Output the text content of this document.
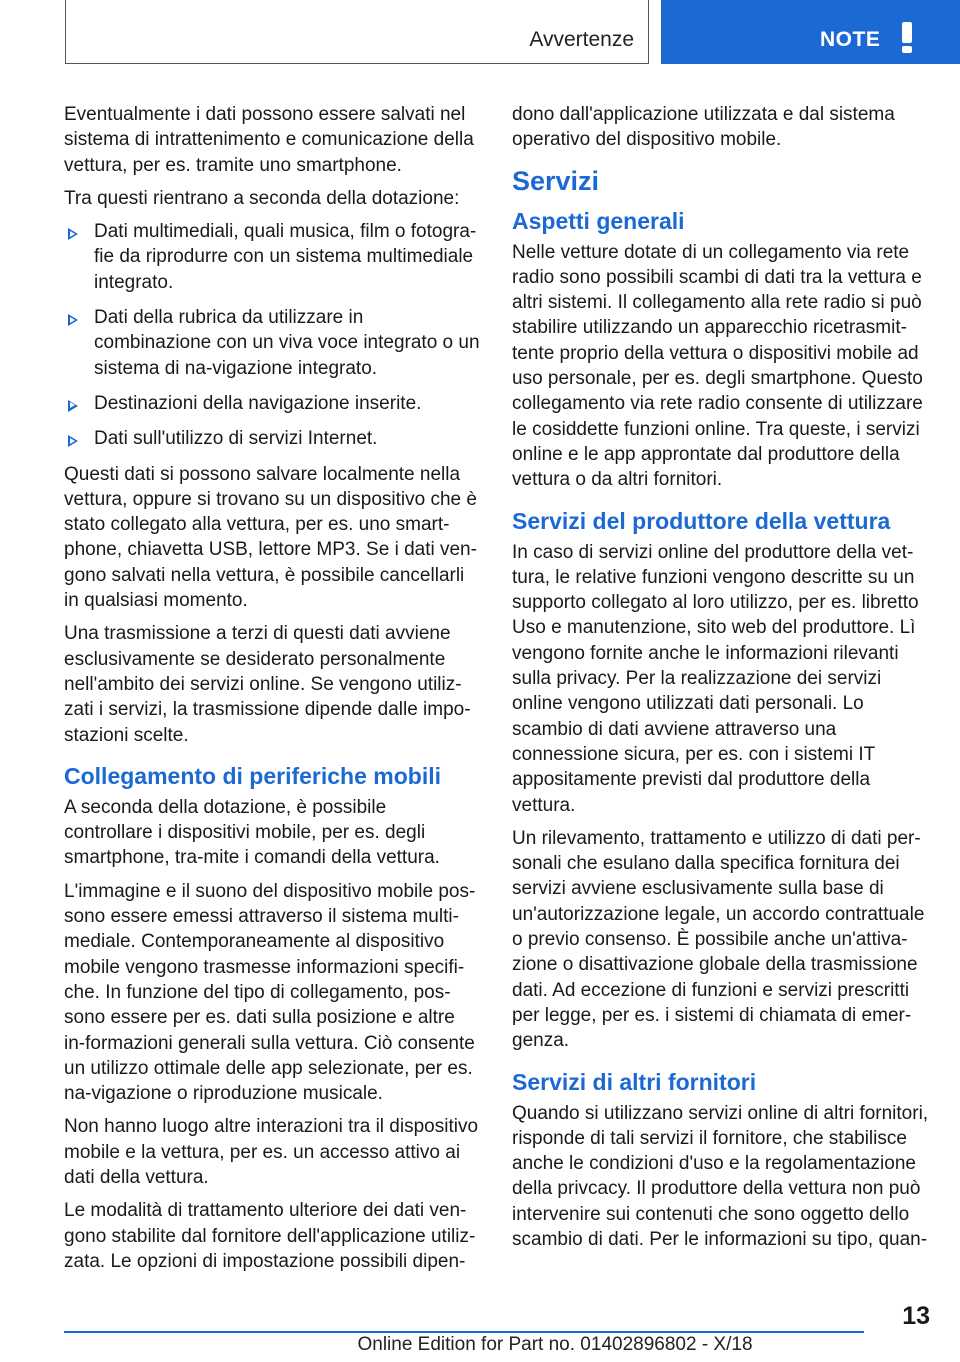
Avvertenze	NOTE

Eventualmente i dati possono essere salvati nel sistema di intrattenimento e comunicazione della vettura, per es. tramite uno smartphone.

Tra questi rientrano a seconda della dotazione:

Dati multimediali, quali musica, film o fotogra-fie da riprodurre con un sistema multimediale integrato.
Dati della rubrica da utilizzare in combinazione con un viva voce integrato o un sistema di na-vigazione integrato.
Destinazioni della navigazione inserite.
Dati sull'utilizzo di servizi Internet.

Questi dati si possono salvare localmente nella vettura, oppure si trovano su un dispositivo che è stato collegato alla vettura, per es. uno smart-phone, chiavetta USB, lettore MP3. Se i dati ven-gono salvati nella vettura, è possibile cancellarli in qualsiasi momento.

Una trasmissione a terzi di questi dati avviene esclusivamente se desiderato personalmente nell'ambito dei servizi online. Se vengono utiliz-zati i servizi, la trasmissione dipende dalle impo-stazioni scelte.

Collegamento di periferiche mobili

A seconda della dotazione, è possibile controllare i dispositivi mobile, per es. degli smartphone, tra-mite i comandi della vettura.

L'immagine e il suono del dispositivo mobile pos-sono essere emessi attraverso il sistema multi-mediale. Contemporaneamente al dispositivo mobile vengono trasmesse informazioni specifi-che. In funzione del tipo di collegamento, pos-sono essere per es. dati sulla posizione e altre in-formazioni generali sulla vettura. Ciò consente un utilizzo ottimale delle app selezionate, per es. na-vigazione o riproduzione musicale.

Non hanno luogo altre interazioni tra il dispositivo mobile e la vettura, per es. un accesso attivo ai dati della vettura.

Le modalità di trattamento ulteriore dei dati ven-gono stabilite dal fornitore dell'applicazione utiliz-zata. Le opzioni di impostazione possibili dipen-

dono dall'applicazione utilizzata e dal sistema operativo del dispositivo mobile.

Servizi
Aspetti generali

Nelle vetture dotate di un collegamento via rete radio sono possibili scambi di dati tra la vettura e altri sistemi. Il collegamento alla rete radio si può stabilire utilizzando un apparecchio ricetrasmit-tente proprio della vettura o dispositivi mobile ad uso personale, per es. degli smartphone. Questo collegamento via rete radio consente di utilizzare le cosiddette funzioni online. Tra queste, i servizi online e le app approntate dal produttore della vettura o da altri fornitori.

Servizi del produttore della vettura

In caso di servizi online del produttore della vet-tura, le relative funzioni vengono descritte su un supporto collegato al loro utilizzo, per es. libretto Uso e manutenzione, sito web del produttore. Lì vengono fornite anche le informazioni rilevanti sulla privacy. Per la realizzazione dei servizi online vengono utilizzati dati personali. Lo scambio di dati avviene attraverso una connessione sicura, per es. con i sistemi IT appositamente previsti dal produttore della vettura.

Un rilevamento, trattamento e utilizzo di dati per-sonali che esulano dalla specifica fornitura dei servizi avviene esclusivamente sulla base di un'autorizzazione legale, un accordo contrattuale o previo consenso. È possibile anche un'attiva-zione o disattivazione globale della trasmissione dati. Ad eccezione di funzioni e servizi prescritti per legge, per es. i sistemi di chiamata di emer-genza.

Servizi di altri fornitori

Quando si utilizzano servizi online di altri fornitori, risponde di tali servizi il fornitore, che stabilisce anche le condizioni d'uso e la regolamentazione della privcacy. Il produttore della vettura non può intervenire sui contenuti che sono oggetto dello scambio di dati. Per le informazioni su tipo, quan-

13
Online Edition for Part no. 01402896802 - X/18
